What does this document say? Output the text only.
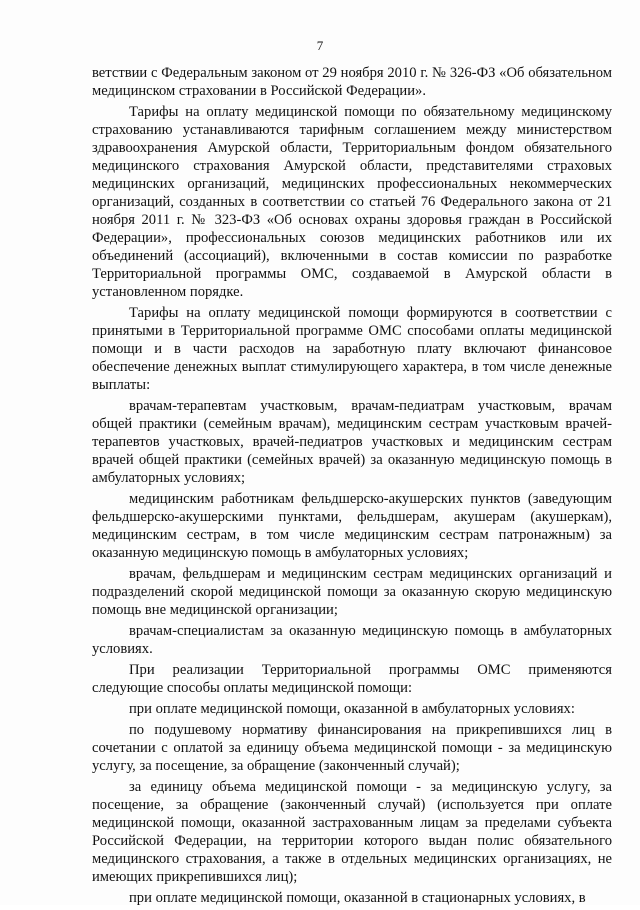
7

ветствии с Федеральным законом от 29 ноября 2010 г. № 326-ФЗ «Об обязательном медицинском страховании в Российской Федерации».

Тарифы на оплату медицинской помощи по обязательному медицинскому страхованию устанавливаются тарифным соглашением между министерством здравоохранения Амурской области, Территориальным фондом обязательного медицинского страхования Амурской области, представителями страховых медицинских организаций, медицинских профессиональных некоммерческих организаций, созданных в соответствии со статьей 76 Федерального закона от 21 ноября 2011 г. № 323-ФЗ «Об основах охраны здоровья граждан в Российской Федерации», профессиональных союзов медицинских работников или их объединений (ассоциаций), включенными в состав комиссии по разработке Территориальной программы ОМС, создаваемой в Амурской области в установленном порядке.

Тарифы на оплату медицинской помощи формируются в соответствии с принятыми в Территориальной программе ОМС способами оплаты медицинской помощи и в части расходов на заработную плату включают финансовое обеспечение денежных выплат стимулирующего характера, в том числе денежные выплаты:

врачам-терапевтам участковым, врачам-педиатрам участковым, врачам общей практики (семейным врачам), медицинским сестрам участковым врачей-терапевтов участковых, врачей-педиатров участковых и медицинским сестрам врачей общей практики (семейных врачей) за оказанную медицинскую помощь в амбулаторных условиях;

медицинским работникам фельдшерско-акушерских пунктов (заведующим фельдшерско-акушерскими пунктами, фельдшерам, акушерам (акушеркам), медицинским сестрам, в том числе медицинским сестрам патронажным) за оказанную медицинскую помощь в амбулаторных условиях;

врачам, фельдшерам и медицинским сестрам медицинских организаций и подразделений скорой медицинской помощи за оказанную скорую медицинскую помощь вне медицинской организации;

врачам-специалистам за оказанную медицинскую помощь в амбулаторных условиях.

При реализации Территориальной программы ОМС применяются следующие способы оплаты медицинской помощи:

при оплате медицинской помощи, оказанной в амбулаторных условиях:

по подушевому нормативу финансирования на прикрепившихся лиц в сочетании с оплатой за единицу объема медицинской помощи - за медицинскую услугу, за посещение, за обращение (законченный случай);

за единицу объема медицинской помощи - за медицинскую услугу, за посещение, за обращение (законченный случай) (используется при оплате медицинской помощи, оказанной застрахованным лицам за пределами субъекта Российской Федерации, на территории которого выдан полис обязательного медицинского страхования, а также в отдельных медицинских организациях, не имеющих прикрепившихся лиц);

при оплате медицинской помощи, оказанной в стационарных условиях, в
